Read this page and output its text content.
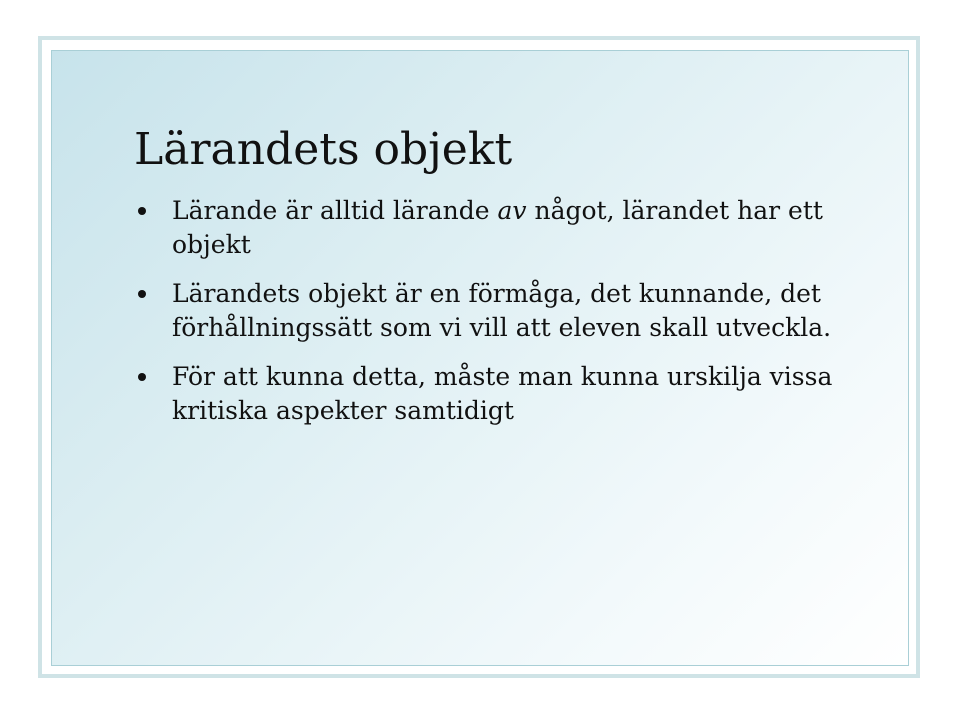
Lärandets objekt
Lärande är alltid lärande av något, lärandet har ett objekt
Lärandets objekt är en förmåga, det kunnande, det förhållningssätt som vi vill att eleven skall utveckla.
För att kunna detta, måste man kunna urskilja vissa kritiska aspekter samtidigt
